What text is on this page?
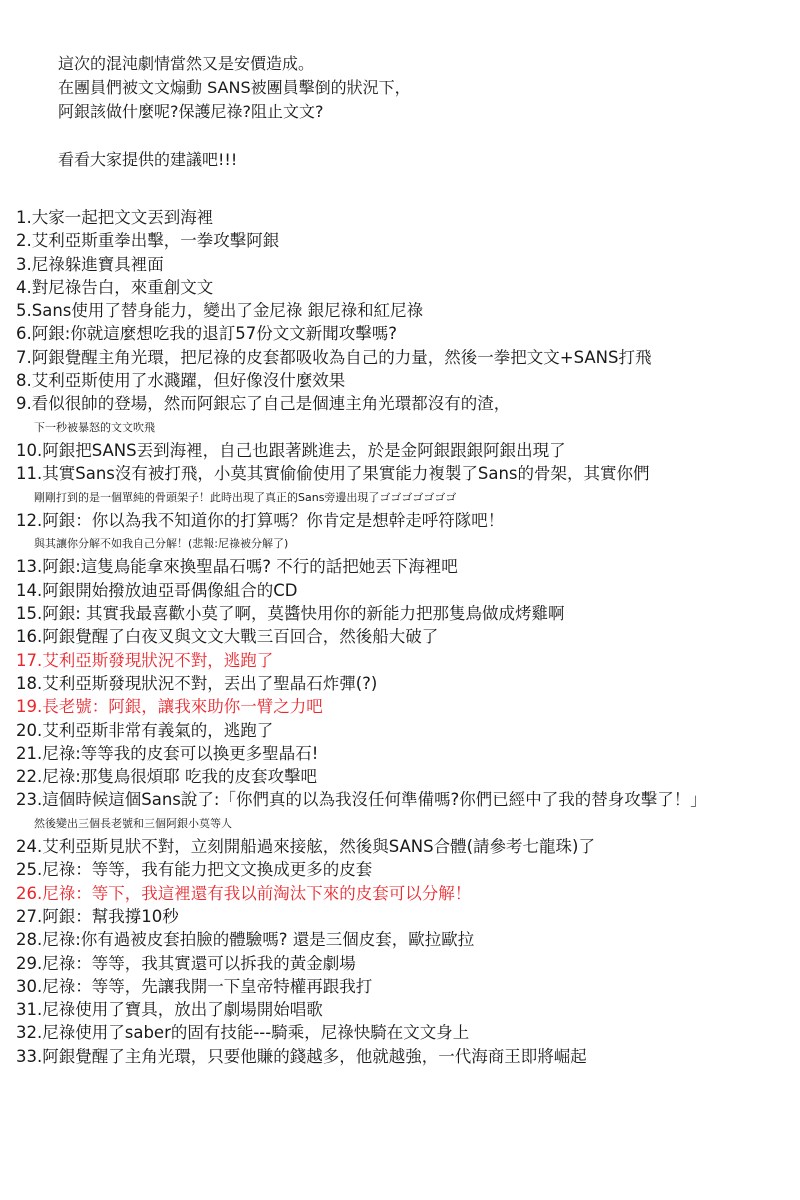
這次的混沌劇情當然又是安價造成。
在團員們被文文煽動 SANS被團員擊倒的狀況下，
阿銀該做什麼呢?保護尼祿?阻止文文?
看看大家提供的建議吧!!!
1.大家一起把文文丟到海裡
2.艾利亞斯重拳出擊，一拳攻擊阿銀
3.尼祿躲進寶具裡面
4.對尼祿告白，來重創文文
5.Sans使用了替身能力，變出了金尼祿 銀尼祿和紅尼祿
6.阿銀:你就這麼想吃我的退訂57份文文新聞攻擊嗎?
7.阿銀覺醒主角光環，把尼祿的皮套都吸收為自己的力量，然後一拳把文文+SANS打飛
8.艾利亞斯使用了水濺躍，但好像沒什麼效果
9.看似很帥的登場，然而阿銀忘了自己是個連主角光環都沒有的渣，
下一秒被暴怒的文文吹飛
10.阿銀把SANS丟到海裡，自己也跟著跳進去，於是金阿銀跟銀阿銀出現了
11.其實Sans沒有被打飛，小莫其實偷偷使用了果實能力複製了Sans的骨架，其實你們
剛剛打到的是一個單純的骨頭架子！此時出現了真正的Sans旁邊出現了ゴゴゴゴゴゴゴ
12.阿銀：你以為我不知道你的打算嗎？你肯定是想幹走呼符隊吧！
與其讓你分解不如我自己分解！(悲報:尼祿被分解了)
13.阿銀:這隻鳥能拿來換聖晶石嗎? 不行的話把她丟下海裡吧
14.阿銀開始撥放迪亞哥偶像組合的CD
15.阿銀: 其實我最喜歡小莫了啊，莫醬快用你的新能力把那隻鳥做成烤雞啊
16.阿銀覺醒了白夜叉與文文大戰三百回合，然後船大破了
17.艾利亞斯發現狀況不對，逃跑了
18.艾利亞斯發現狀況不對，丟出了聖晶石炸彈(?)
19.長老號：阿銀，讓我來助你一臂之力吧
20.艾利亞斯非常有義氣的，逃跑了
21.尼祿:等等我的皮套可以換更多聖晶石!
22.尼祿:那隻鳥很煩耶 吃我的皮套攻擊吧
23.這個時候這個Sans說了:「你們真的以為我沒任何準備嗎?你們已經中了我的替身攻擊了！」
然後變出三個長老號和三個阿銀小莫等人
24.艾利亞斯見狀不對，立刻開船過來接舷，然後與SANS合體(請參考七龍珠)了
25.尼祿：等等，我有能力把文文換成更多的皮套
26.尼祿：等下，我這裡還有我以前淘汰下來的皮套可以分解！
27.阿銀：幫我撐10秒
28.尼祿:你有過被皮套拍臉的體驗嗎? 還是三個皮套，歐拉歐拉
29.尼祿：等等，我其實還可以拆我的黃金劇場
30.尼祿：等等，先讓我開一下皇帝特權再跟我打
31.尼祿使用了寶具，放出了劇場開始唱歌
32.尼祿使用了saber的固有技能---騎乘，尼祿快騎在文文身上
33.阿銀覺醒了主角光環，只要他賺的錢越多，他就越強，一代海商王即將崛起
